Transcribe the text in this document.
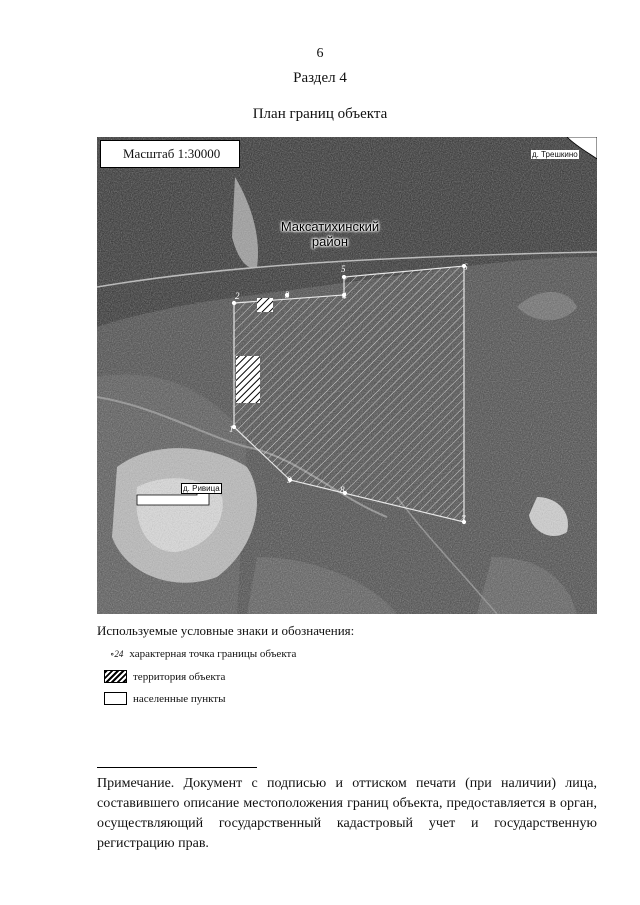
6
Раздел 4
План границ объекта
1
2	3	4
5	6
7
8
9
Масштаб 1:30000
Максатихинский район
д. Трешкино
д. Ривица
Используемые условные знаки и обозначения:
∘24 характерная точка границы объекта
территория объекта
населенные пункты
Примечание. Документ с подписью и оттиском печати (при наличии) лица, составившего описание местоположения границ объекта, предоставляется в орган, осуществляющий государственный кадастровый учет и государственную регистрацию прав.
